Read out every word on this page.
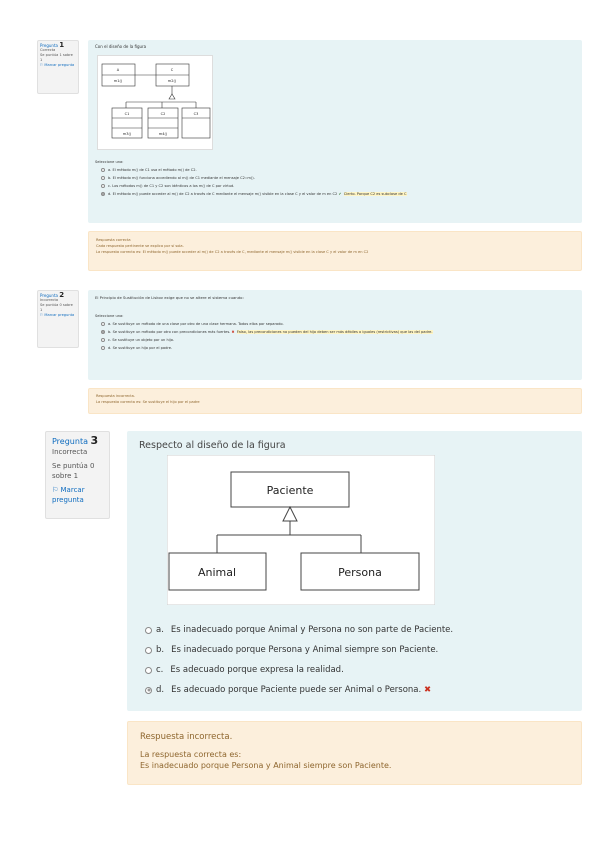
Pregunta 1
Correcta
Se puntúa 1 sobre 1
⚐ Marcar pregunta
Con el diseño de la figura
A	C
m1()	m2()
C1	C2	C3
m3()	m4()
Seleccione una:
a.
El método m() de C1 usa el método m() de C2.
b.
El método m() funciona accediendo al m() de C1 mediante el mensaje C2::m().
c.
Los métodos m() de C1 y C2 son idénticos a los m() de C por virtud.
d.
El método m() puede acceder al m() de C2 a través de C mediante el mensaje m() visible en la clase C y el valor de m en C2
✔
Cierto. Porque C2 es subclase de C
Respuesta correcta

Cada respuesta pertinente se explica por sí sola.

La respuesta correcta es: El método m() puede acceder al m() de C2 a través de C, mediante el mensaje m() visible en la clase C y el valor de m en C2

Pregunta 2
Incorrecta
Se puntúa 0 sobre 1
⚐ Marcar pregunta
El Principio de Sustitución de Liskov exige que no se altere el sistema cuando:
Seleccione una:
a.
Se sustituye un método de una clase por otro de una clase hermana. Todos ellos por separado.
b.
Se sustituye un método por otro con precondiciones más fuertes.
✖
Falso, las precondiciones no pueden del hijo deben ser más débiles o iguales (restrictivas) que las del padre.
c.
Se sustituye un objeto por un hijo.
d.
Se sustituye un hijo por el padre.
Respuesta incorrecta.

La respuesta correcta es: Se sustituye el hijo por el padre

Pregunta 3
Incorrecta
Se puntúa 0 sobre 1
⚐ Marcar pregunta
Respecto al diseño de la figura
Paciente
Animal	Persona
a. Es inadecuado porque Animal y Persona no son parte de Paciente.
b. Es inadecuado porque Persona y Animal siempre son Paciente.
c. Es adecuado porque expresa la realidad.
d. Es adecuado porque Paciente puede ser Animal o Persona.
✖
Respuesta incorrecta.

La respuesta correcta es:

Es inadecuado porque Persona y Animal siempre son Paciente.
